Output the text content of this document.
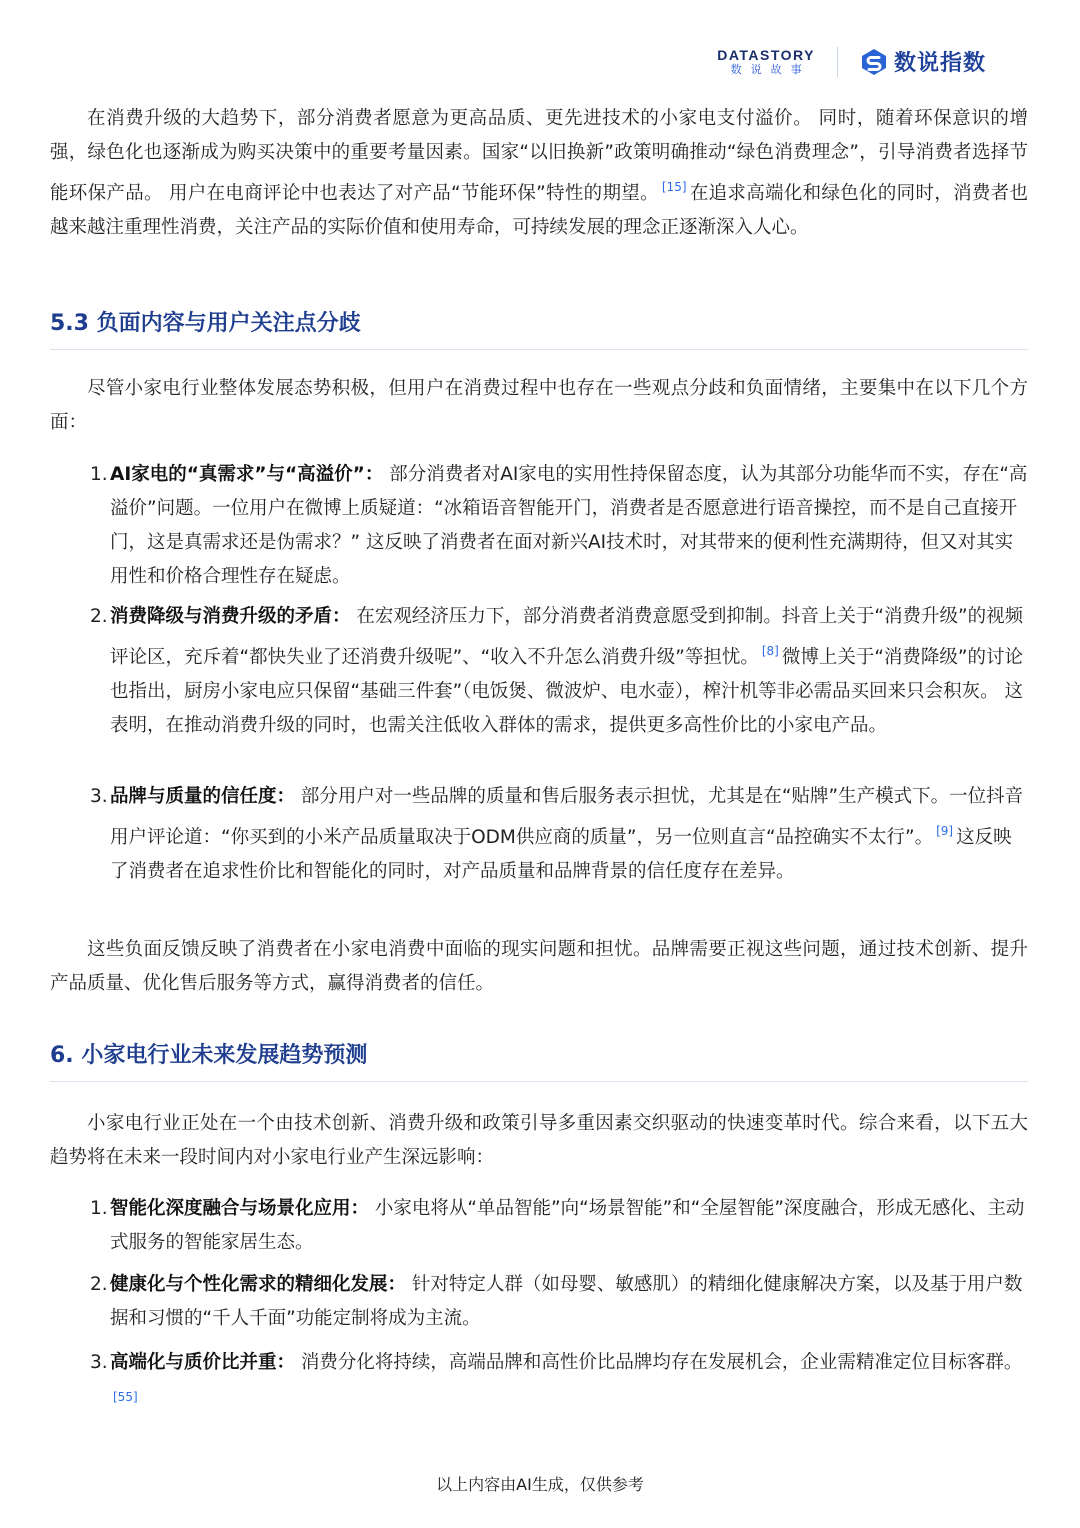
DATASTORY
数说故事	数说指数

在消费升级的大趋势下，部分消费者愿意为更高品质、更先进技术的小家电支付溢价。 同时，随着环保意识的增强，绿色化也逐渐成为购买决策中的重要考量因素。国家“以旧换新”政策明确推动“绿色消费理念”，引导消费者选择节能环保产品。 用户在电商评论中也表达了对产品“节能环保”特性的期望。 [15] 在追求高端化和绿色化的同时，消费者也越来越注重理性消费，关注产品的实际价值和使用寿命，可持续发展的理念正逐渐深入人心。

5.3 负面内容与用户关注点分歧

尽管小家电行业整体发展态势积极，但用户在消费过程中也存在一些观点分歧和负面情绪，主要集中在以下几个方面：

1. AI家电的“真需求”与“高溢价”： 部分消费者对AI家电的实用性持保留态度，认为其部分功能华而不实，存在“高溢价”问题。一位用户在微博上质疑道：“冰箱语音智能开门，消费者是否愿意进行语音操控，而不是自己直接开门，这是真需求还是伪需求？” 这反映了消费者在面对新兴AI技术时，对其带来的便利性充满期待，但又对其实用性和价格合理性存在疑虑。
2. 消费降级与消费升级的矛盾： 在宏观经济压力下，部分消费者消费意愿受到抑制。抖音上关于“消费升级”的视频评论区，充斥着“都快失业了还消费升级呢”、“收入不升怎么消费升级”等担忧。 [8] 微博上关于“消费降级”的讨论也指出，厨房小家电应只保留“基础三件套”（电饭煲、微波炉、电水壶），榨汁机等非必需品买回来只会积灰。 这表明，在推动消费升级的同时，也需关注低收入群体的需求，提供更多高性价比的小家电产品。
3. 品牌与质量的信任度： 部分用户对一些品牌的质量和售后服务表示担忧，尤其是在“贴牌”生产模式下。一位抖音用户评论道：“你买到的小米产品质量取决于ODM供应商的质量”，另一位则直言“品控确实不太行”。 [9] 这反映了消费者在追求性价比和智能化的同时，对产品质量和品牌背景的信任度存在差异。

这些负面反馈反映了消费者在小家电消费中面临的现实问题和担忧。品牌需要正视这些问题，通过技术创新、提升产品质量、优化售后服务等方式，赢得消费者的信任。

6. 小家电行业未来发展趋势预测

小家电行业正处在一个由技术创新、消费升级和政策引导多重因素交织驱动的快速变革时代。综合来看，以下五大趋势将在未来一段时间内对小家电行业产生深远影响：

1. 智能化深度融合与场景化应用： 小家电将从“单品智能”向“场景智能”和“全屋智能”深度融合，形成无感化、主动式服务的智能家居生态。
2. 健康化与个性化需求的精细化发展： 针对特定人群（如母婴、敏感肌）的精细化健康解决方案，以及基于用户数据和习惯的“千人千面”功能定制将成为主流。
3. 高端化与质价比并重： 消费分化将持续，高端品牌和高性价比品牌均存在发展机会，企业需精准定位目标客群。[55]
以上内容由AI生成，仅供参考
